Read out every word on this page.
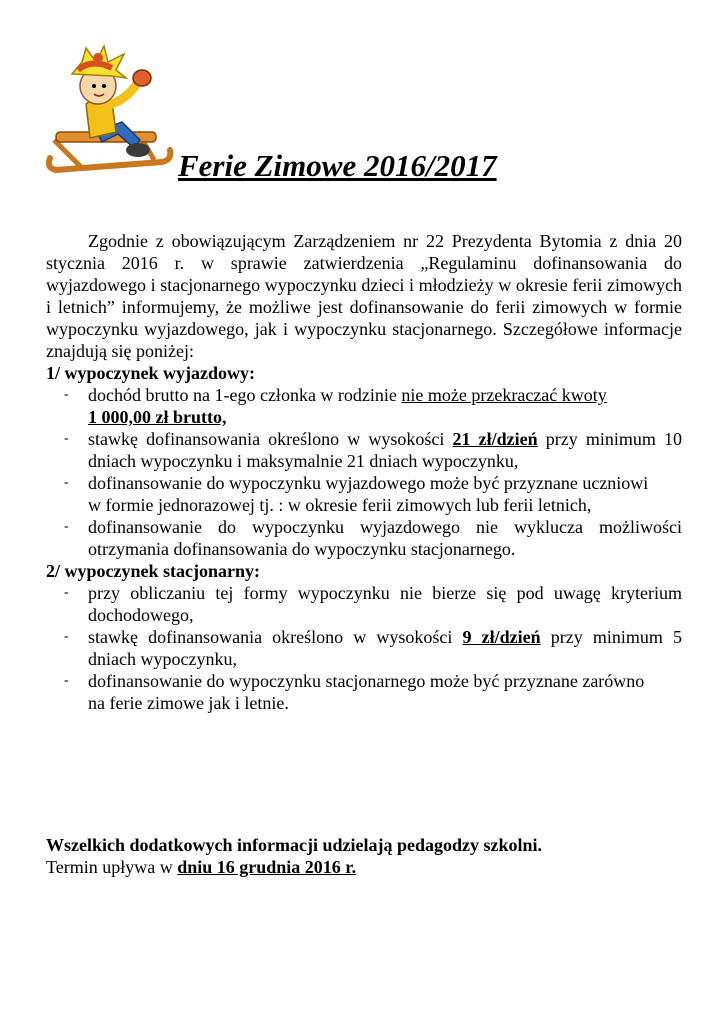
Ferie Zimowe 2016/2017

Zgodnie z obowiązującym Zarządzeniem nr 22 Prezydenta Bytomia z dnia 20 stycznia 2016 r. w sprawie zatwierdzenia „Regulaminu dofinansowania do wyjazdowego i stacjonarnego wypoczynku dzieci i młodzieży w okresie ferii zimowych i letnich” informujemy, że możliwe jest dofinansowanie do ferii zimowych w formie wypoczynku wyjazdowego, jak i wypoczynku stacjonarnego. Szczegółowe informacje znajdują się poniżej:

1/ wypoczynek wyjazdowy:

- dochód brutto na 1-ego członka w rodzinie nie może przekraczać kwoty
1 000,00 zł brutto,
- stawkę dofinansowania określono w wysokości 21 zł/dzień przy minimum 10 dniach wypoczynku i maksymalnie 21 dniach wypoczynku,
- dofinansowanie do wypoczynku wyjazdowego może być przyznane uczniowi
w formie jednorazowej tj. : w okresie ferii zimowych lub ferii letnich,
- dofinansowanie do wypoczynku wyjazdowego nie wyklucza możliwości otrzymania dofinansowania do wypoczynku stacjonarnego.

2/ wypoczynek stacjonarny:

- przy obliczaniu tej formy wypoczynku nie bierze się pod uwagę kryterium dochodowego,
- stawkę dofinansowania określono w wysokości 9 zł/dzień przy minimum 5 dniach wypoczynku,
- dofinansowanie do wypoczynku stacjonarnego może być przyznane zarówno
na ferie zimowe jak i letnie.
Wszelkich dodatkowych informacji udzielają pedagodzy szkolni.
Termin upływa w dniu 16 grudnia 2016 r.
